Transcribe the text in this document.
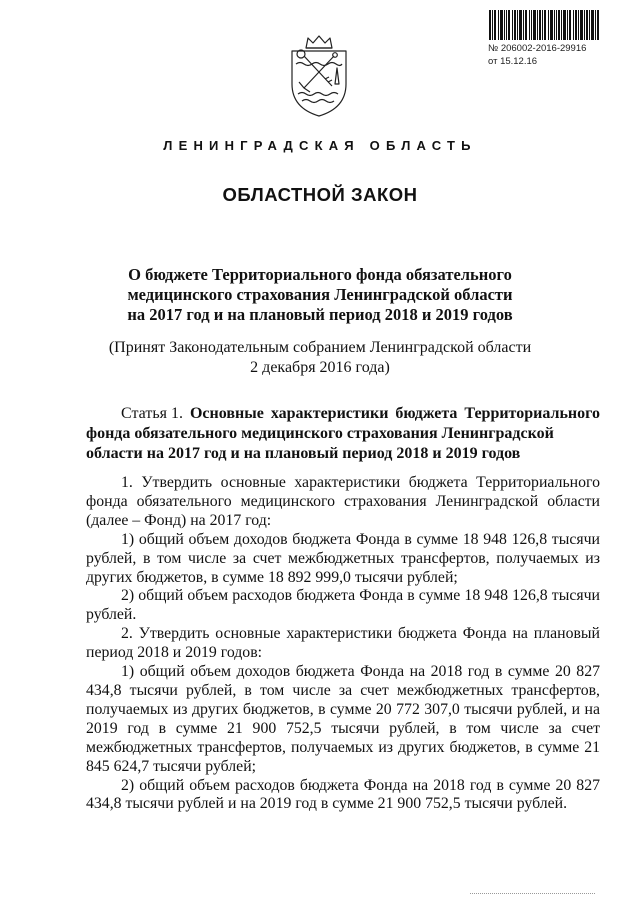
№ 206002-2016-29916
от 15.12.16
ЛЕНИНГРАДСКАЯ ОБЛАСТЬ
ОБЛАСТНОЙ ЗАКОН
О бюджете Территориального фонда обязательного
медицинского страхования Ленинградской области
на 2017 год и на плановый период 2018 и 2019 годов
(Принят Законодательным собранием Ленинградской области
2 декабря 2016 года)
Статья 1. Основные характеристики бюджета Территориального
фонда обязательного медицинского страхования Ленинградской области на 2017 год и на плановый период 2018 и 2019 годов

1. Утвердить основные характеристики бюджета Территориального фонда обязательного медицинского страхования Ленинградской области (далее – Фонд) на 2017 год:

1) общий объем доходов бюджета Фонда в сумме 18 948 126,8 тысячи рублей, в том числе за счет межбюджетных трансфертов, получаемых из других бюджетов, в сумме 18 892 999,0 тысячи рублей;

2) общий объем расходов бюджета Фонда в сумме 18 948 126,8 тысячи рублей.

2. Утвердить основные характеристики бюджета Фонда на плановый период 2018 и 2019 годов:

1) общий объем доходов бюджета Фонда на 2018 год в сумме 20 827 434,8 тысячи рублей, в том числе за счет межбюджетных трансфертов, получаемых из других бюджетов, в сумме 20 772 307,0 тысячи рублей, и на 2019 год в сумме 21 900 752,5 тысячи рублей, в том числе за счет межбюджетных трансфертов, получаемых из других бюджетов, в сумме 21 845 624,7 тысячи рублей;

2) общий объем расходов бюджета Фонда на 2018 год в сумме 20 827 434,8 тысячи рублей и на 2019 год в сумме 21 900 752,5 тысячи рублей.
